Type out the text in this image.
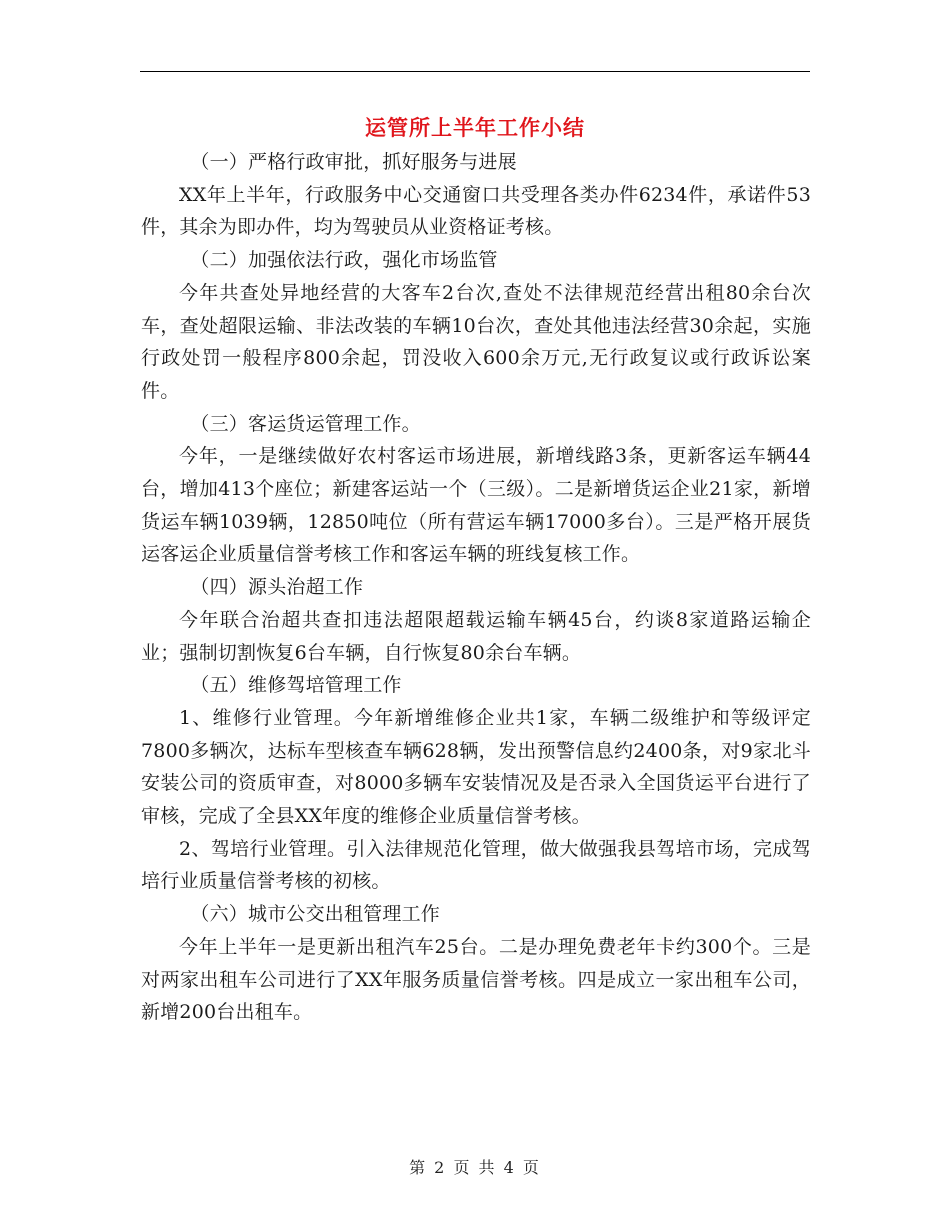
运管所上半年工作小结

（一）严格行政审批，抓好服务与进展

XX年上半年，行政服务中心交通窗口共受理各类办件6234件，承诺件53件，其余为即办件，均为驾驶员从业资格证考核。

（二）加强依法行政，强化市场监管

今年共查处异地经营的大客车2台次,查处不法律规范经营出租80余台次车，查处超限运输、非法改装的车辆10台次，查处其他违法经营30余起，实施行政处罚一般程序800余起，罚没收入600余万元,无行政复议或行政诉讼案件。

（三）客运货运管理工作。

今年，一是继续做好农村客运市场进展，新增线路3条，更新客运车辆44台，增加413个座位；新建客运站一个（三级）。二是新增货运企业21家，新增货运车辆1039辆，12850吨位（所有营运车辆17000多台）。三是严格开展货运客运企业质量信誉考核工作和客运车辆的班线复核工作。

（四）源头治超工作

今年联合治超共查扣违法超限超载运输车辆45台，约谈8家道路运输企业；强制切割恢复6台车辆，自行恢复80余台车辆。

（五）维修驾培管理工作

1、维修行业管理。今年新增维修企业共1家，车辆二级维护和等级评定7800多辆次，达标车型核查车辆628辆，发出预警信息约2400条，对9家北斗安装公司的资质审查，对8000多辆车安装情况及是否录入全国货运平台进行了审核，完成了全县XX年度的维修企业质量信誉考核。

2、驾培行业管理。引入法律规范化管理，做大做强我县驾培市场，完成驾培行业质量信誉考核的初核。

（六）城市公交出租管理工作

今年上半年一是更新出租汽车25台。二是办理免费老年卡约300个。三是对两家出租车公司进行了XX年服务质量信誉考核。四是成立一家出租车公司，新增200台出租车。

第 2 页 共 4 页
